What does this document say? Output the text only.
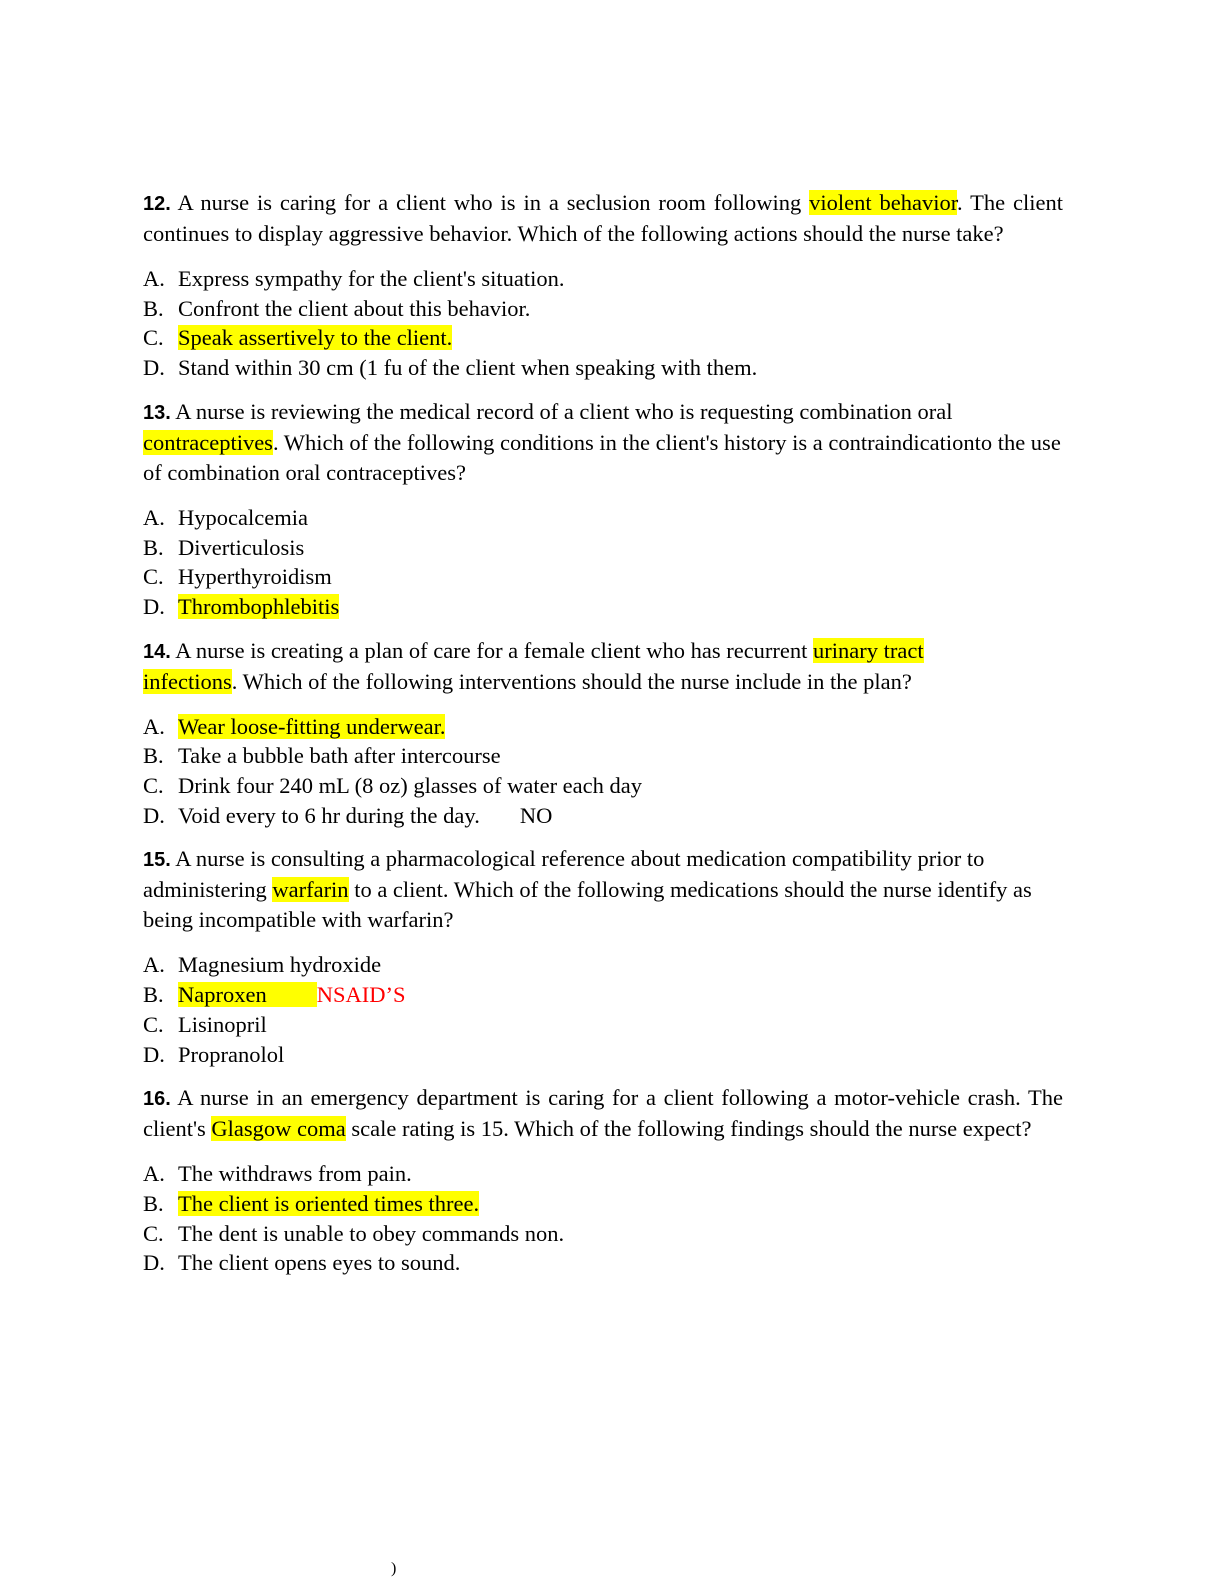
12. A nurse is caring for a client who is in a seclusion room following violent behavior. The client continues to display aggressive behavior. Which of the following actions should the nurse take?

A. Express sympathy for the client's situation.
B. Confront the client about this behavior.
C. Speak assertively to the client.
D. Stand within 30 cm (1 fu of the client when speaking with them.

13. A nurse is reviewing the medical record of a client who is requesting combination oral contraceptives. Which of the following conditions in the client's history is a contraindicationto the use of combination oral contraceptives?

A. Hypocalcemia
B. Diverticulosis
C. Hyperthyroidism
D. Thrombophlebitis

14. A nurse is creating a plan of care for a female client who has recurrent urinary tract
infections. Which of the following interventions should the nurse include in the plan?

A. Wear loose-fitting underwear.
B. Take a bubble bath after intercourse
C. Drink four 240 mL (8 oz) glasses of water each day
D. Void every to 6 hr during the day. NO

15. A nurse is consulting a pharmacological reference about medication compatibility prior to administering warfarin to a client. Which of the following medications should the nurse identify as being incompatible with warfarin?

A. Magnesium hydroxide
B. Naproxen NSAID’S
C. Lisinopril
D. Propranolol

16. A nurse in an emergency department is caring for a client following a motor-vehicle crash. The client's Glasgow coma scale rating is 15. Which of the following findings should the nurse expect?

A. The withdraws from pain.
B. The client is oriented times three.
C. The dent is unable to obey commands non.
D. The client opens eyes to sound.
)
